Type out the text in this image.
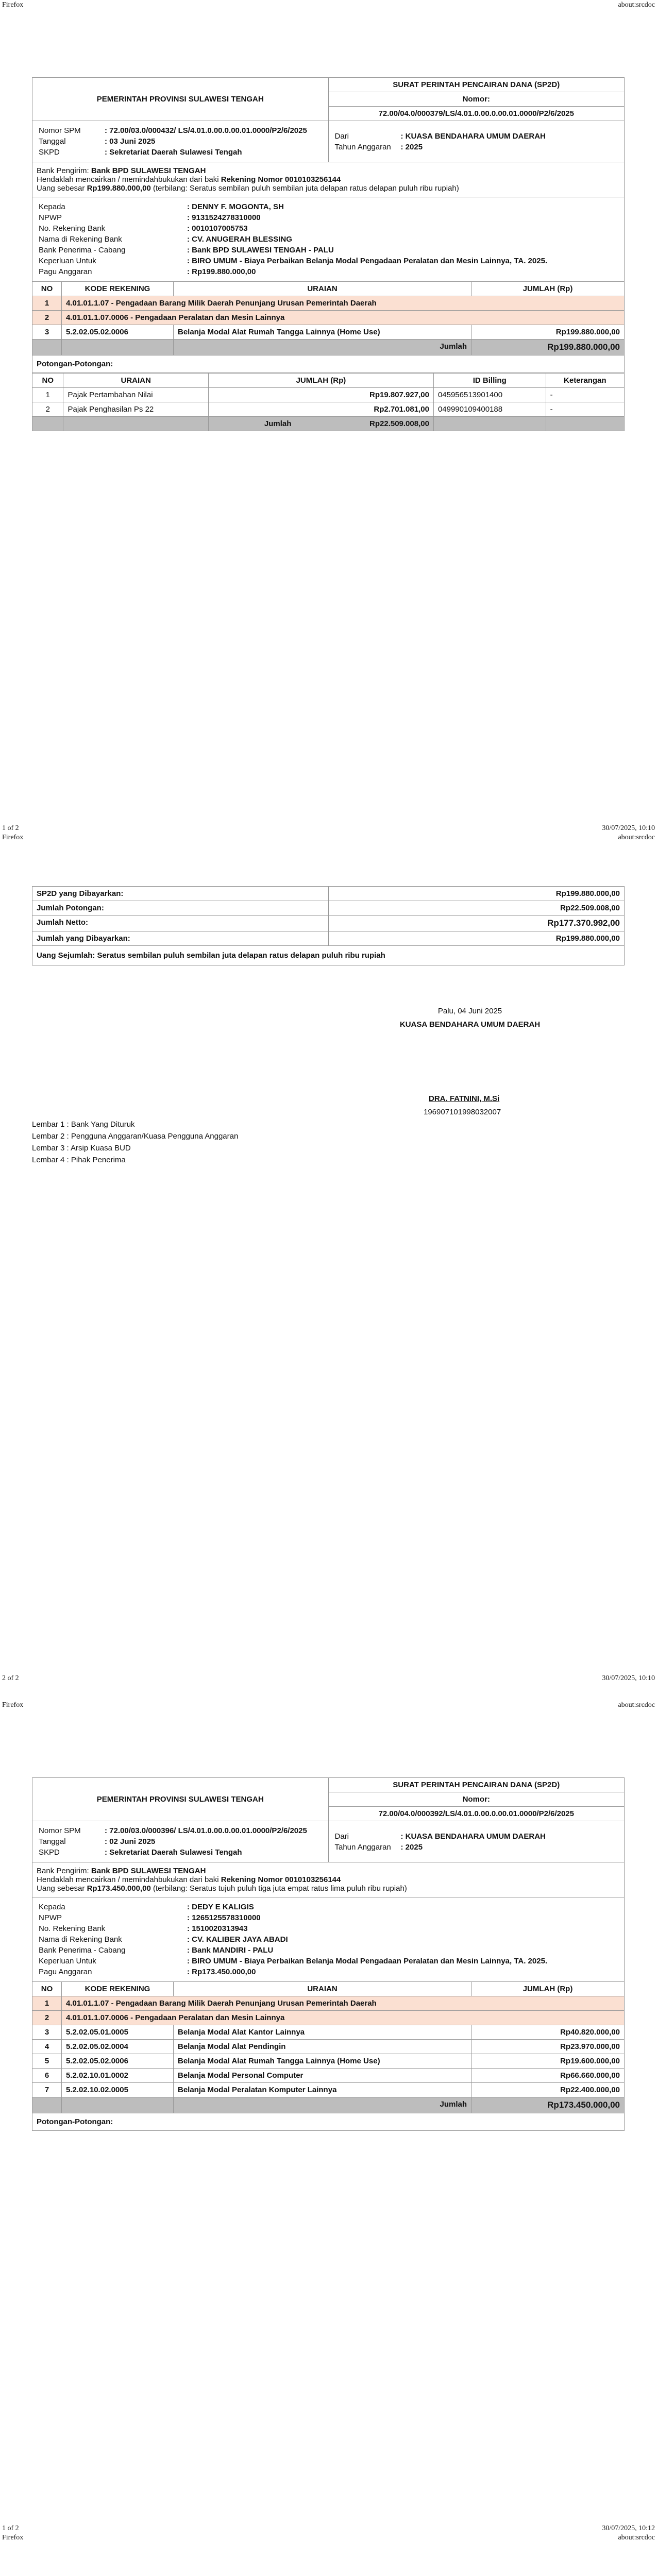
Firefox	about:srcdoc
PEMERINTAH PROVINSI SULAWESI TENGAH	SURAT PERINTAH PENCAIRAN DANA (SP2D)
Nomor:
72.00/04.0/000379/LS/4.01.0.00.0.00.01.0000/P2/6/2025
Nomor SPM	: 72.00/03.0/000432/ LS/4.01.0.00.0.00.01.0000/P2/6/2025
Tanggal	: 03 Juni 2025
SKPD	: Sekretariat Daerah Sulawesi Tengah

Dari	: KUASA BENDAHARA UMUM DAERAH
Tahun Anggaran	: 2025
Bank Pengirim: Bank BPD SULAWESI TENGAH
Hendaklah mencairkan / memindahbukukan dari baki Rekening Nomor 0010103256144
Uang sebesar Rp199.880.000,00 (terbilang: Seratus sembilan puluh sembilan juta delapan ratus delapan puluh ribu rupiah)
Kepada	: DENNY F. MOGONTA, SH
NPWP	: 9131524278310000
No. Rekening Bank	: 0010107005753
Nama di Rekening Bank	: CV. ANUGERAH BLESSING
Bank Penerima - Cabang	: Bank BPD SULAWESI TENGAH - PALU
Keperluan Untuk	: BIRO UMUM - Biaya Perbaikan Belanja Modal Pengadaan Peralatan dan Mesin Lainnya, TA. 2025.
Pagu Anggaran	: Rp199.880.000,00
NO	KODE REKENING	URAIAN	JUMLAH (Rp)
1	4.01.01.1.07 - Pengadaan Barang Milik Daerah Penunjang Urusan Pemerintah Daerah		
2	4.01.01.1.07.0006 - Pengadaan Peralatan dan Mesin Lainnya		
3	5.2.02.05.02.0006	Belanja Modal Alat Rumah Tangga Lainnya (Home Use)	Rp199.880.000,00
		Jumlah	Rp199.880.000,00
Potongan-Potongan:
NO	URAIAN	JUMLAH (Rp)	ID Billing	Keterangan
1	Pajak Pertambahan Nilai	Rp19.807.927,00	045956513901400	-
2	Pajak Penghasilan Ps 22	Rp2.701.081,00	049990109400188	-

		Jumlah Rp22.509.008,00		
1 of 2	30/07/2025, 10:10
Firefox	about:srcdoc
SP2D yang Dibayarkan:	Rp199.880.000,00
Jumlah Potongan:	Rp22.509.008,00
Jumlah Netto:	Rp177.370.992,00
Jumlah yang Dibayarkan:	Rp199.880.000,00
Uang Sejumlah: Seratus sembilan puluh sembilan juta delapan ratus delapan puluh ribu rupiah	
Palu, 04 Juni 2025
KUASA BENDAHARA UMUM DAERAH
DRA. FATNINI, M.Si
196907101998032007
Lembar 1 : Bank Yang Dituruk
Lembar 2 : Pengguna Anggaran/Kuasa Pengguna Anggaran
Lembar 3 : Arsip Kuasa BUD
Lembar 4 : Pihak Penerima
2 of 2	30/07/2025, 10:10
Firefox	about:srcdoc
PEMERINTAH PROVINSI SULAWESI TENGAH	SURAT PERINTAH PENCAIRAN DANA (SP2D)
Nomor:
72.00/04.0/000392/LS/4.01.0.00.0.00.01.0000/P2/6/2025
Nomor SPM	: 72.00/03.0/000396/ LS/4.01.0.00.0.00.01.0000/P2/6/2025
Tanggal	: 02 Juni 2025
SKPD	: Sekretariat Daerah Sulawesi Tengah

Dari	: KUASA BENDAHARA UMUM DAERAH
Tahun Anggaran	: 2025
Bank Pengirim: Bank BPD SULAWESI TENGAH
Hendaklah mencairkan / memindahbukukan dari baki Rekening Nomor 0010103256144
Uang sebesar Rp173.450.000,00 (terbilang: Seratus tujuh puluh tiga juta empat ratus lima puluh ribu rupiah)
Kepada	: DEDY E KALIGIS
NPWP	: 1265125578310000
No. Rekening Bank	: 1510020313943
Nama di Rekening Bank	: CV. KALIBER JAYA ABADI
Bank Penerima - Cabang	: Bank MANDIRI - PALU
Keperluan Untuk	: BIRO UMUM - Biaya Perbaikan Belanja Modal Pengadaan Peralatan dan Mesin Lainnya, TA. 2025.
Pagu Anggaran	: Rp173.450.000,00
NO	KODE REKENING	URAIAN	JUMLAH (Rp)
1	4.01.01.1.07 - Pengadaan Barang Milik Daerah Penunjang Urusan Pemerintah Daerah		
2	4.01.01.1.07.0006 - Pengadaan Peralatan dan Mesin Lainnya		
3	5.2.02.05.01.0005	Belanja Modal Alat Kantor Lainnya	Rp40.820.000,00
4	5.2.02.05.02.0004	Belanja Modal Alat Pendingin	Rp23.970.000,00
5	5.2.02.05.02.0006	Belanja Modal Alat Rumah Tangga Lainnya (Home Use)	Rp19.600.000,00
6	5.2.02.10.01.0002	Belanja Modal Personal Computer	Rp66.660.000,00
7	5.2.02.10.02.0005	Belanja Modal Peralatan Komputer Lainnya	Rp22.400.000,00
		Jumlah	Rp173.450.000,00
Potongan-Potongan:
1 of 2	30/07/2025, 10:12
Firefox	about:srcdoc
